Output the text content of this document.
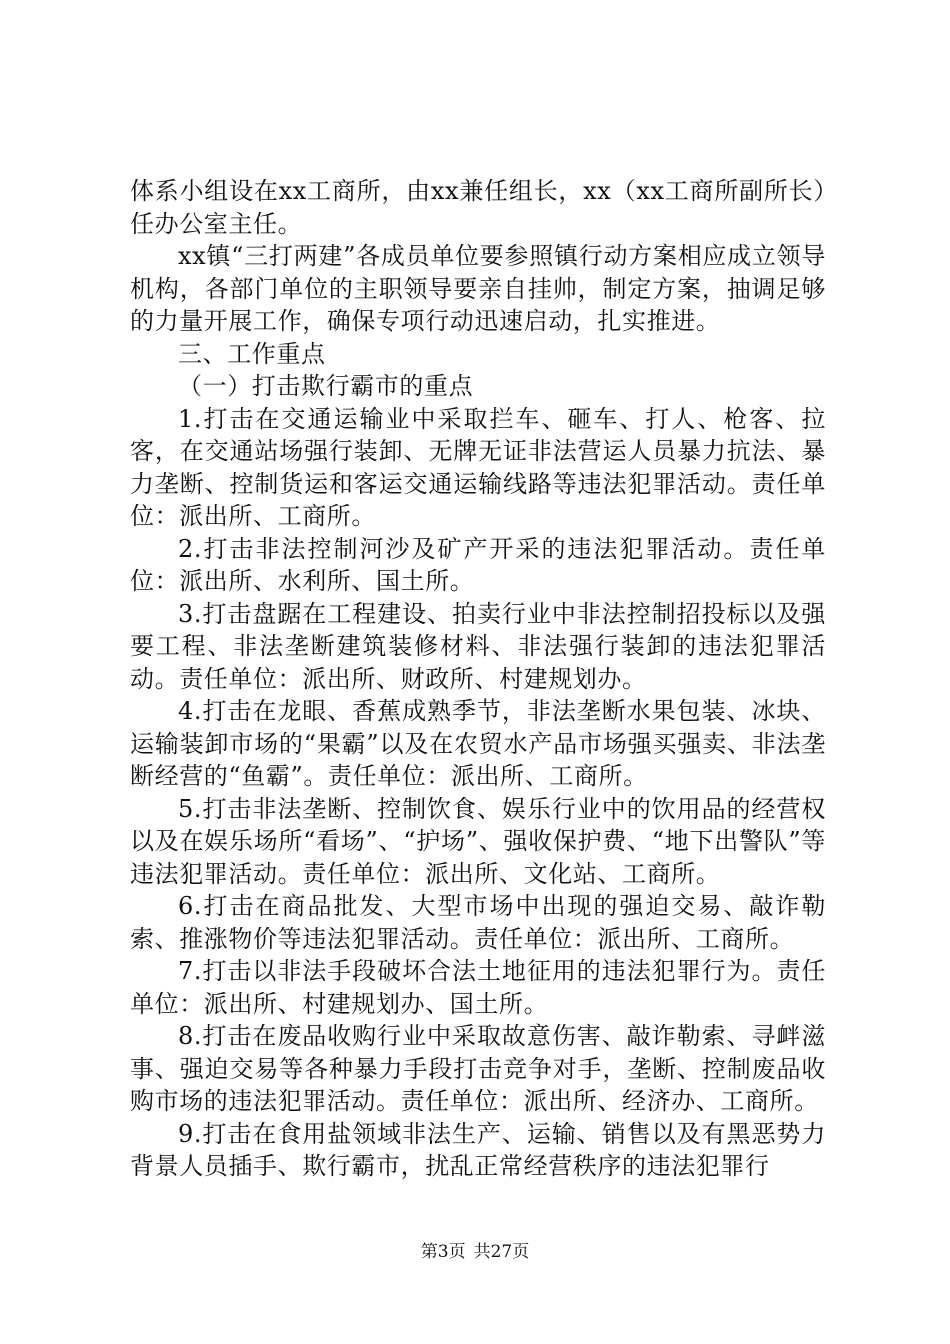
体系小组设在xx工商所，由xx兼任组长，xx（xx工商所副所长）任办公室主任。

xx镇“三打两建”各成员单位要参照镇行动方案相应成立领导机构，各部门单位的主职领导要亲自挂帅，制定方案，抽调足够的力量开展工作，确保专项行动迅速启动，扎实推进。

三、工作重点

（一）打击欺行霸市的重点

1.打击在交通运输业中采取拦车、砸车、打人、枪客、拉客，在交通站场强行装卸、无牌无证非法营运人员暴力抗法、暴力垄断、控制货运和客运交通运输线路等违法犯罪活动。责任单位：派出所、工商所。

2.打击非法控制河沙及矿产开采的违法犯罪活动。责任单位：派出所、水利所、国土所。

3.打击盘踞在工程建设、拍卖行业中非法控制招投标以及强要工程、非法垄断建筑装修材料、非法强行装卸的违法犯罪活动。责任单位：派出所、财政所、村建规划办。

4.打击在龙眼、香蕉成熟季节，非法垄断水果包装、冰块、运输装卸市场的“果霸”以及在农贸水产品市场强买强卖、非法垄断经营的“鱼霸”。责任单位：派出所、工商所。

5.打击非法垄断、控制饮食、娱乐行业中的饮用品的经营权以及在娱乐场所“看场”、“护场”、强收保护费、“地下出警队”等违法犯罪活动。责任单位：派出所、文化站、工商所。

6.打击在商品批发、大型市场中出现的强迫交易、敲诈勒索、推涨物价等违法犯罪活动。责任单位：派出所、工商所。

7.打击以非法手段破坏合法土地征用的违法犯罪行为。责任单位：派出所、村建规划办、国土所。

8.打击在废品收购行业中采取故意伤害、敲诈勒索、寻衅滋事、强迫交易等各种暴力手段打击竞争对手，垄断、控制废品收购市场的违法犯罪活动。责任单位：派出所、经济办、工商所。

9.打击在食用盐领域非法生产、运输、销售以及有黑恶势力背景人员插手、欺行霸市，扰乱正常经营秩序的违法犯罪行

第3页 共27页
